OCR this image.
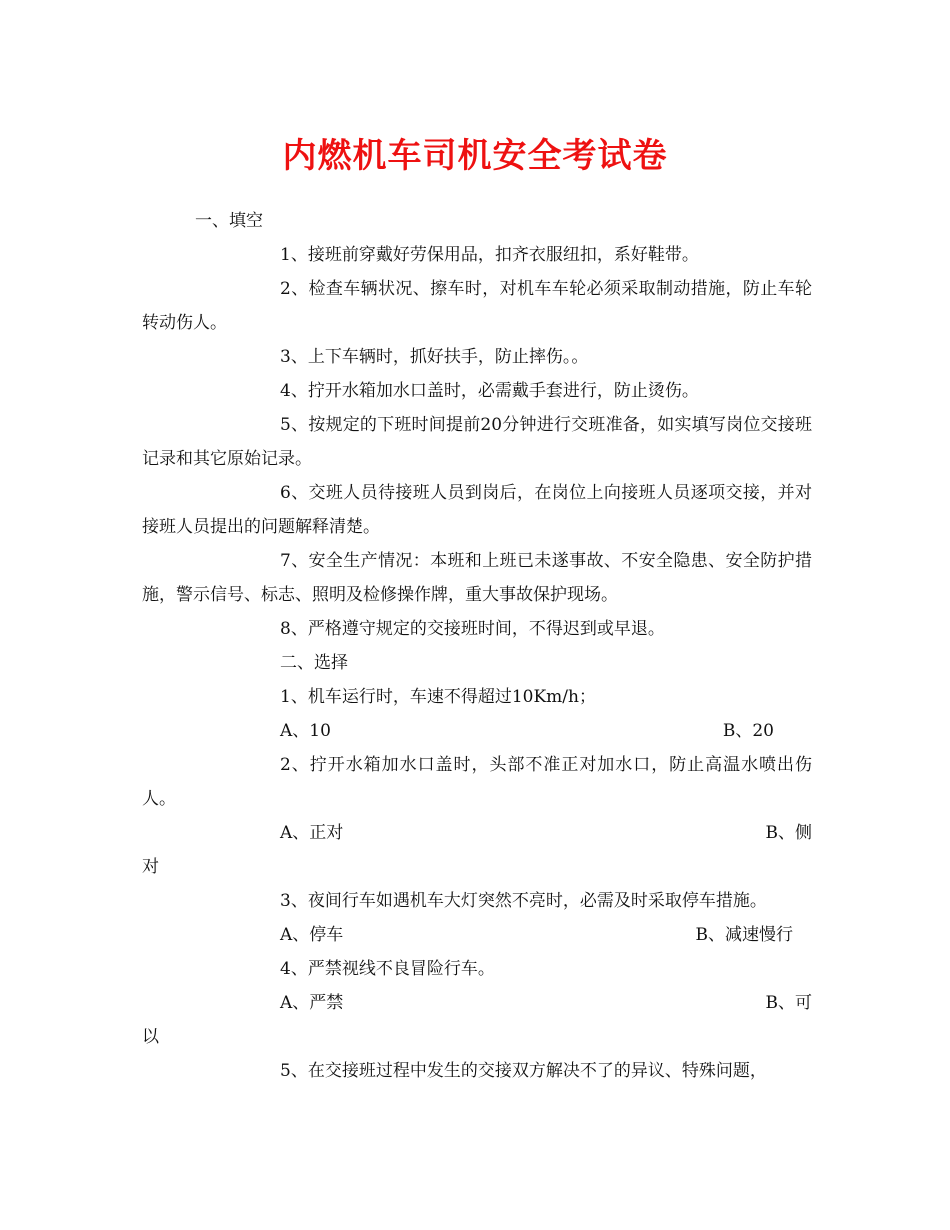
内燃机车司机安全考试卷

一、填空

1、接班前穿戴好劳保用品，扣齐衣服纽扣，系好鞋带。

2、检查车辆状况、擦车时，对机车车轮必须采取制动措施，防止车轮转动伤人。

3、上下车辆时，抓好扶手，防止摔伤。。

4、拧开水箱加水口盖时，必需戴手套进行，防止烫伤。

5、按规定的下班时间提前20分钟进行交班准备，如实填写岗位交接班记录和其它原始记录。

6、交班人员待接班人员到岗后，在岗位上向接班人员逐项交接，并对接班人员提出的问题解释清楚。

7、安全生产情况：本班和上班已未遂事故、不安全隐患、安全防护措施，警示信号、标志、照明及检修操作牌，重大事故保护现场。

8、严格遵守规定的交接班时间，不得迟到或早退。

二、选择

1、机车运行时，车速不得超过10Km/h；

A、10	B、20

2、拧开水箱加水口盖时，头部不准正对加水口，防止高温水喷出伤人。

A、正对	B、侧

对

3、夜间行车如遇机车大灯突然不亮时，必需及时采取停车措施。

A、停车	B、减速慢行

4、严禁视线不良冒险行车。

A、严禁	B、可

以

5、在交接班过程中发生的交接双方解决不了的异议、特殊问题，
